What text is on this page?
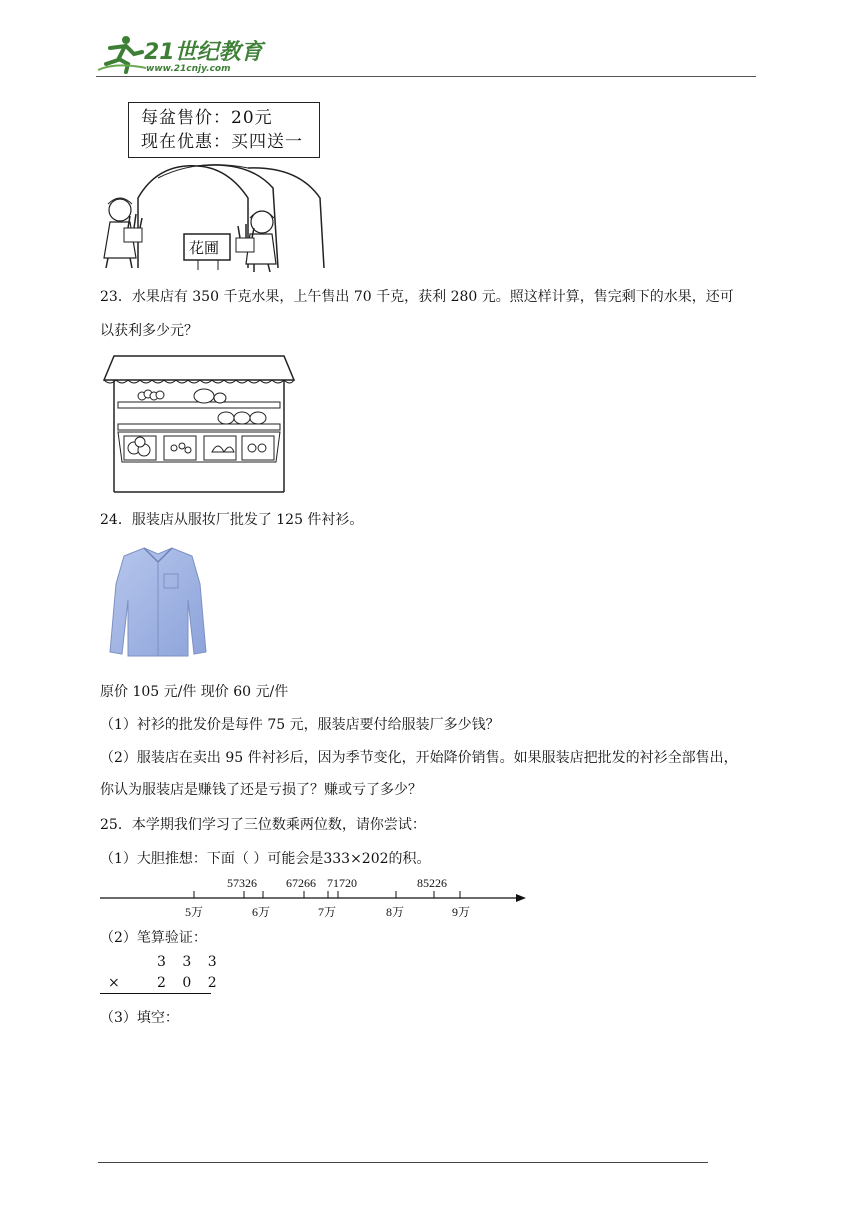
21世纪教育
www.21cnjy.com
每盆售价：20元
现在优惠：买四送一
花圃
23．水果店有 350 千克水果，上午售出 70 千克，获利 280 元。照这样计算，售完剩下的水果，还可
以获利多少元？
24．服装店从服妆厂批发了 125 件衬衫。
原价 105 元/件 现价 60 元/件
（1）衬衫的批发价是每件 75 元，服装店要付给服装厂多少钱？
（2）服装店在卖出 95 件衬衫后，因为季节变化，开始降价销售。如果服装店把批发的衬衫全部售出，
你认为服装店是赚钱了还是亏损了？赚或亏了多少？
25．本学期我们学习了三位数乘两位数，请你尝试：
（1）大胆推想：下面（ ）可能会是333×202的积。
57326 67266 71720	85226
5万	6万	7万	8万	9万
（2）笔算验证：
3 3 3
× 2 0 2
（3）填空：
